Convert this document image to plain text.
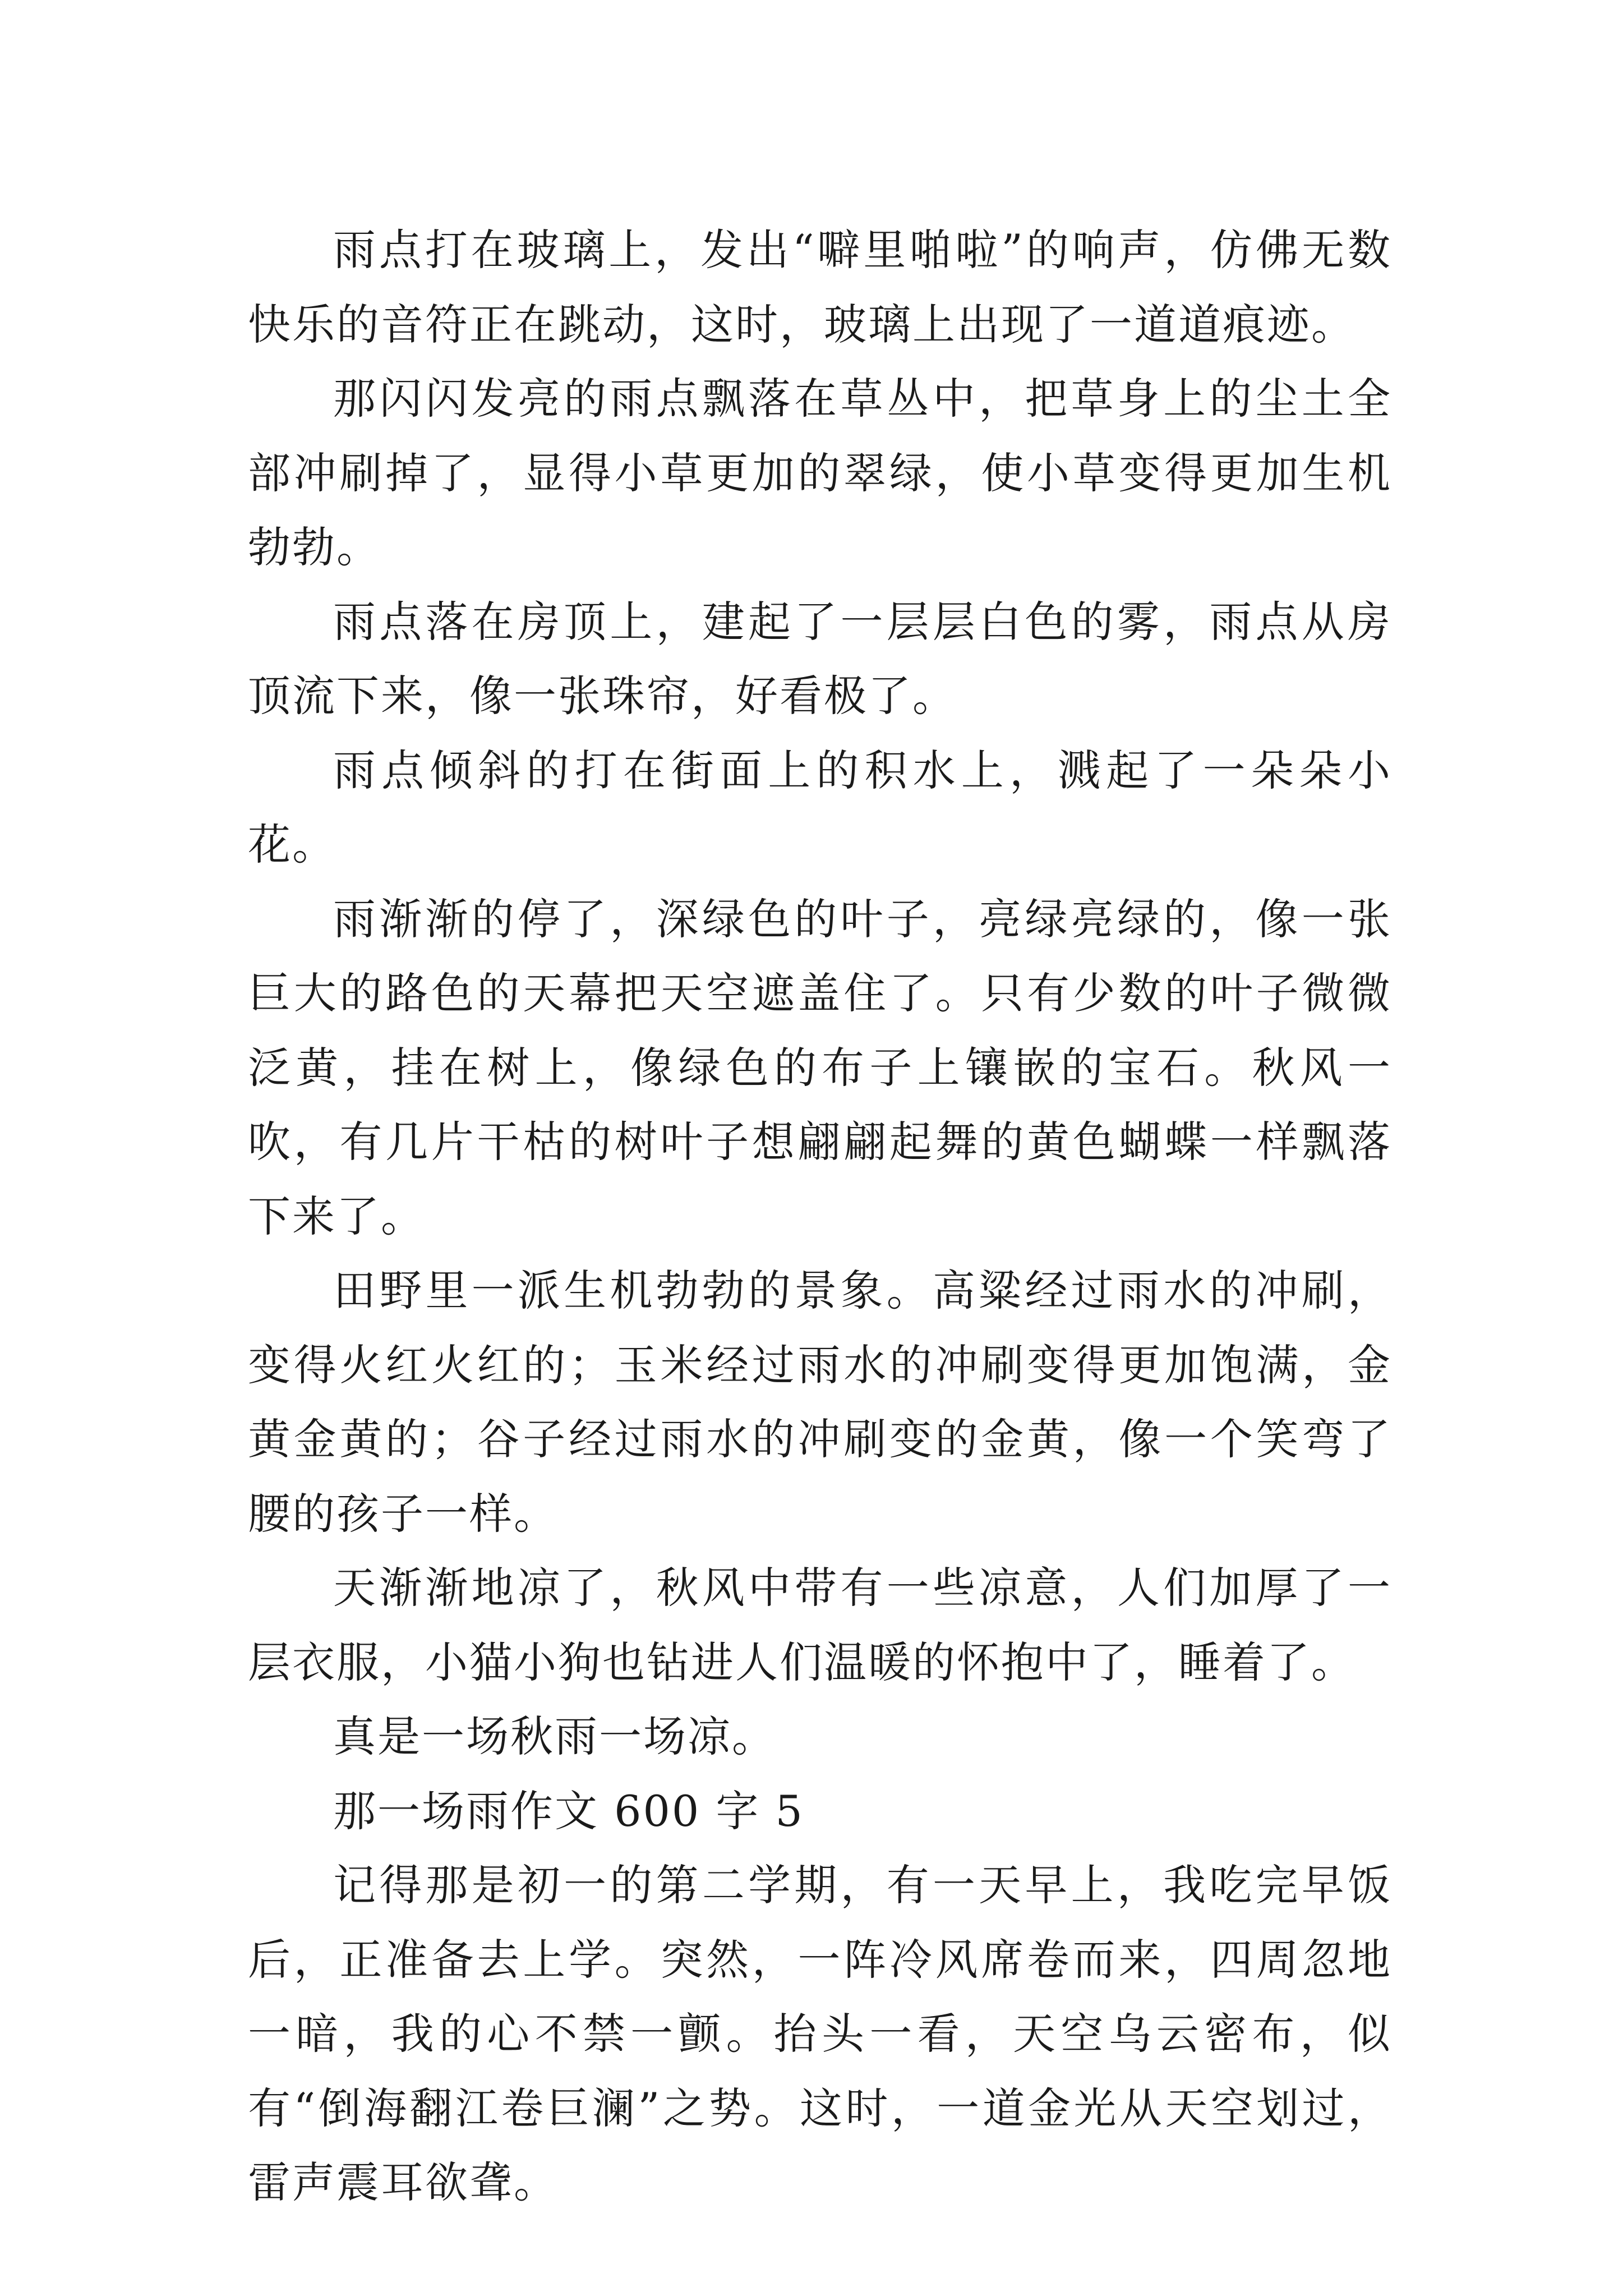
雨点打在玻璃上，发出“噼里啪啦”的响声，仿佛无数快乐的音符正在跳动，这时，玻璃上出现了一道道痕迹。

那闪闪发亮的雨点飘落在草丛中，把草身上的尘土全部冲刷掉了，显得小草更加的翠绿，使小草变得更加生机勃勃。

雨点落在房顶上，建起了一层层白色的雾，雨点从房顶流下来，像一张珠帘，好看极了。

雨点倾斜的打在街面上的积水上，溅起了一朵朵小花。

雨渐渐的停了，深绿色的叶子，亮绿亮绿的，像一张巨大的路色的天幕把天空遮盖住了。只有少数的叶子微微泛黄，挂在树上，像绿色的布子上镶嵌的宝石。秋风一吹，有几片干枯的树叶子想翩翩起舞的黄色蝴蝶一样飘落下来了。

田野里一派生机勃勃的景象。高粱经过雨水的冲刷，变得火红火红的；玉米经过雨水的冲刷变得更加饱满，金黄金黄的；谷子经过雨水的冲刷变的金黄，像一个笑弯了腰的孩子一样。

天渐渐地凉了，秋风中带有一些凉意，人们加厚了一层衣服，小猫小狗也钻进人们温暖的怀抱中了，睡着了。

真是一场秋雨一场凉。

那一场雨作文 600 字 5

记得那是初一的第二学期，有一天早上，我吃完早饭后，正准备去上学。突然，一阵冷风席卷而来，四周忽地一暗，我的心不禁一颤。抬头一看，天空乌云密布，似有“倒海翻江卷巨澜”之势。这时，一道金光从天空划过，雷声震耳欲聋。
